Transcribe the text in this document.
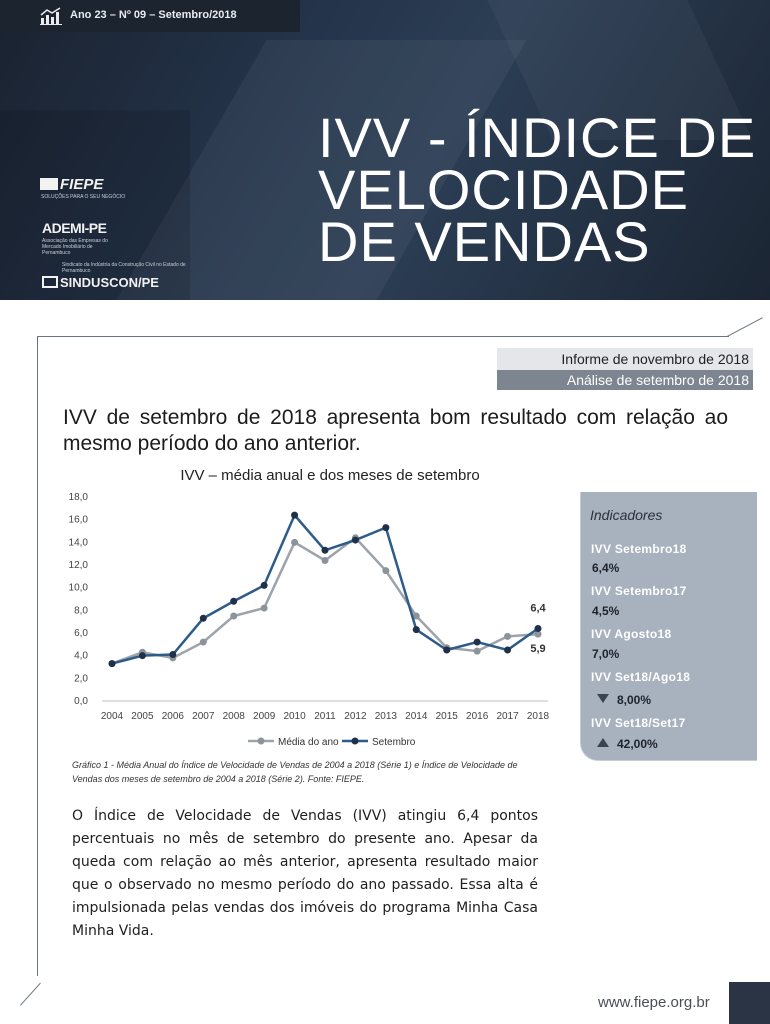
Ano 23 – Nº 09 – Setembro/2018
IVV - ÍNDICE DE
VELOCIDADE
DE VENDAS
FIEPE
SOLUÇÕES PARA O SEU NEGÓCIO
ADEMI-PE
Associação das Empresas do Mercado Imobiliário de Pernambuco
Sindicato da Indústria da Construção Civil no Estado de Pernambuco
SINDUSCON/PE
Informe de novembro de 2018
Análise de setembro de 2018
IVV de setembro de 2018 apresenta bom resultado com relação ao mesmo período do ano anterior.
IVV – média anual e dos meses de setembro
0,0
2,0
4,0
6,0
8,0
10,0
12,0
14,0
16,0
18,0
2004 2005 2006 2007 2008 2009 2010 2011 2012 2013 2014 2015 2016 2017 2018
6,4
5,9
Média do ano	Setembro
Gráfico 1 - Média Anual do Índice de Velocidade de Vendas de 2004 a 2018 (Série 1) e Índice de Velocidade de Vendas dos meses de setembro de 2004 a 2018 (Série 2). Fonte: FIEPE.
Indicadores
IVV Setembro18
6,4%
IVV Setembro17
4,5%
IVV Agosto18
7,0%
IVV Set18/Ago18
8,00%
IVV Set18/Set17
42,00%
O Índice de Velocidade de Vendas (IVV) atingiu 6,4 pontos percentuais no mês de setembro do presente ano. Apesar da queda com relação ao mês anterior, apresenta resultado maior que o observado no mesmo período do ano passado. Essa alta é impulsionada pelas vendas dos imóveis do programa Minha Casa Minha Vida.
www.fiepe.org.br
